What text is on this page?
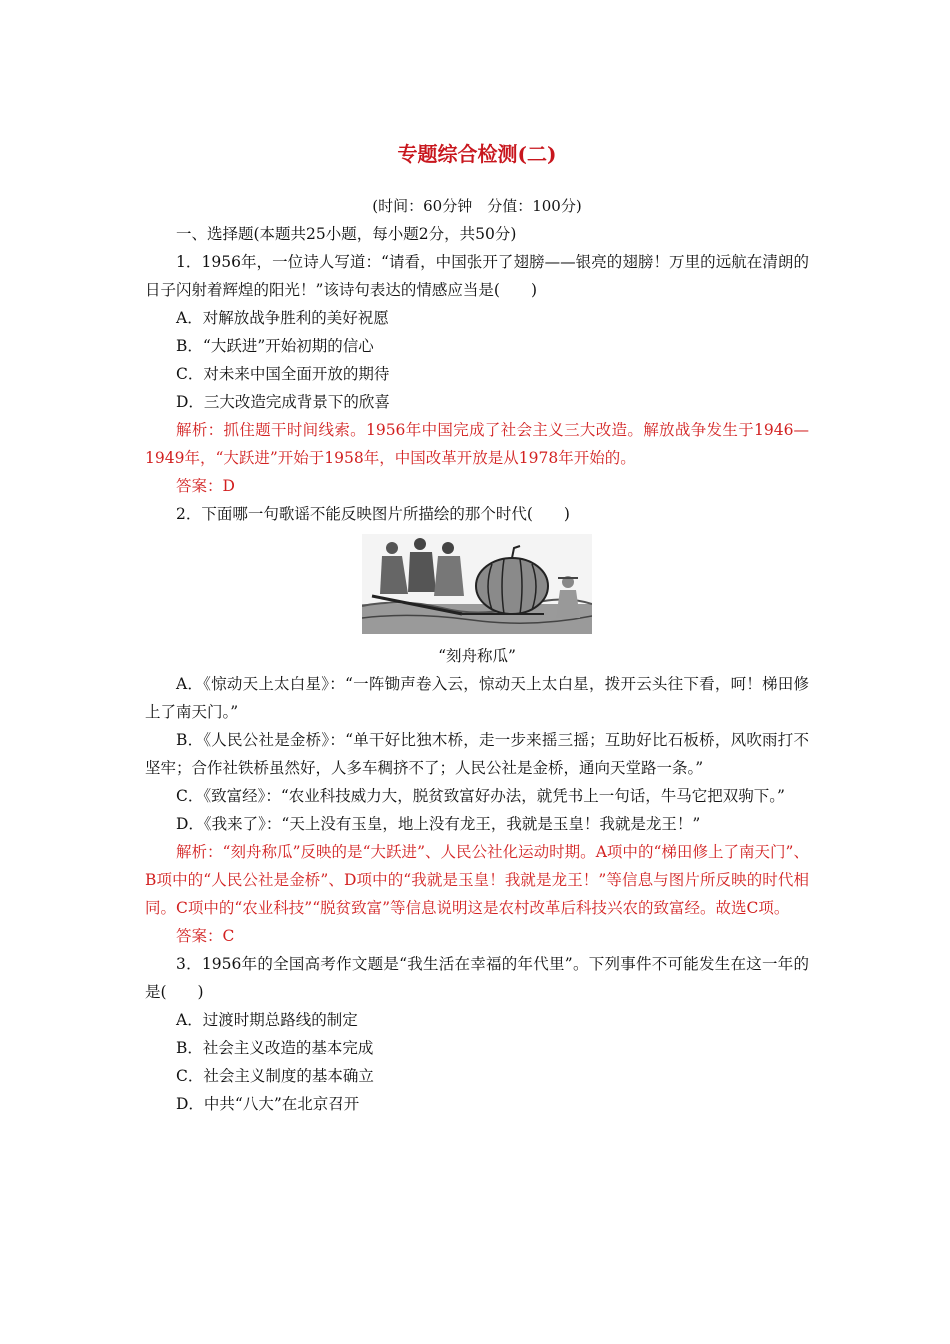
专题综合检测(二)

(时间：60分钟　分值：100分)

一、选择题(本题共25小题，每小题2分，共50分)

1．1956年，一位诗人写道：“请看，中国张开了翅膀——银亮的翅膀！万里的远航在清朗的日子闪射着辉煌的阳光！”该诗句表达的情感应当是(　　)

A．对解放战争胜利的美好祝愿

B．“大跃进”开始初期的信心

C．对未来中国全面开放的期待

D．三大改造完成背景下的欣喜

解析：抓住题干时间线索。1956年中国完成了社会主义三大改造。解放战争发生于1946—1949年，“大跃进”开始于1958年，中国改革开放是从1978年开始的。

答案：D

2．下面哪一句歌谣不能反映图片所描绘的那个时代(　　)

“刻舟称瓜”

A．《惊动天上太白星》：“一阵锄声卷入云，惊动天上太白星，拨开云头往下看，呵！梯田修上了南天门。”

B．《人民公社是金桥》：“单干好比独木桥，走一步来摇三摇；互助好比石板桥，风吹雨打不坚牢；合作社铁桥虽然好，人多车稠挤不了；人民公社是金桥，通向天堂路一条。”

C．《致富经》：“农业科技威力大，脱贫致富好办法，就凭书上一句话，牛马它把双驹下。”

D．《我来了》：“天上没有玉皇，地上没有龙王，我就是玉皇！我就是龙王！”

解析：“刻舟称瓜”反映的是“大跃进”、人民公社化运动时期。A项中的“梯田修上了南天门”、B项中的“人民公社是金桥”、D项中的“我就是玉皇！我就是龙王！”等信息与图片所反映的时代相同。C项中的“农业科技”“脱贫致富”等信息说明这是农村改革后科技兴农的致富经。故选C项。

答案：C

3．1956年的全国高考作文题是“我生活在幸福的年代里”。下列事件不可能发生在这一年的是(　　)

A．过渡时期总路线的制定

B．社会主义改造的基本完成

C．社会主义制度的基本确立

D．中共“八大”在北京召开
